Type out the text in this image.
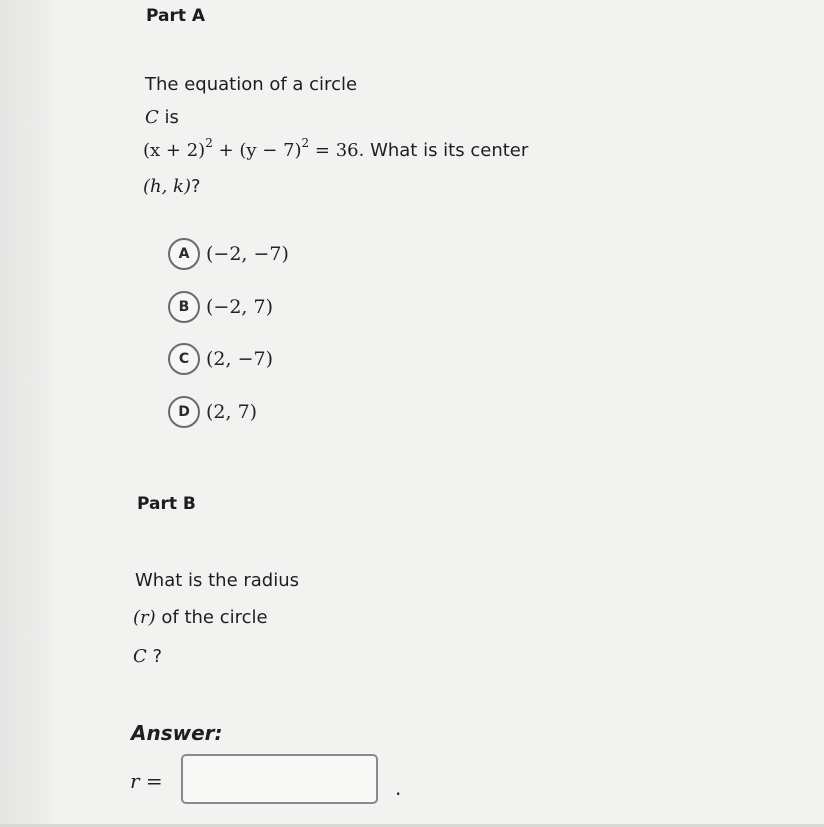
Part A
The equation of a circle
C is
$(x + 2)^2 + (y - 7)^2 = 36$. What is its center
(h, k)?
A (−2, −7)
B (−2, 7)
C (2, −7)
D (2, 7)
Part B
What is the radius
(r) of the circle
C ?
Answer:
r =	.
